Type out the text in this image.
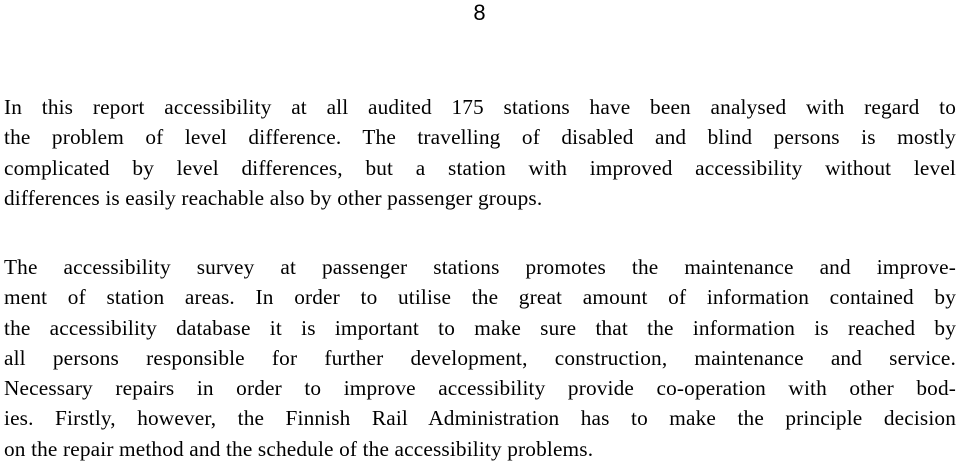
8
In this report accessibility at all audited 175 stations have been analysed with regard to
the problem of level difference. The travelling of disabled and blind persons is mostly
complicated by level differences, but a station with improved accessibility without level
differences is easily reachable also by other passenger groups.
The accessibility survey at passenger stations promotes the maintenance and improve-
ment of station areas. In order to utilise the great amount of information contained by
the accessibility database it is important to make sure that the information is reached by
all persons responsible for further development, construction, maintenance and service.
Necessary repairs in order to improve accessibility provide co-operation with other bod-
ies. Firstly, however, the Finnish Rail Administration has to make the principle decision
on the repair method and the schedule of the accessibility problems.
